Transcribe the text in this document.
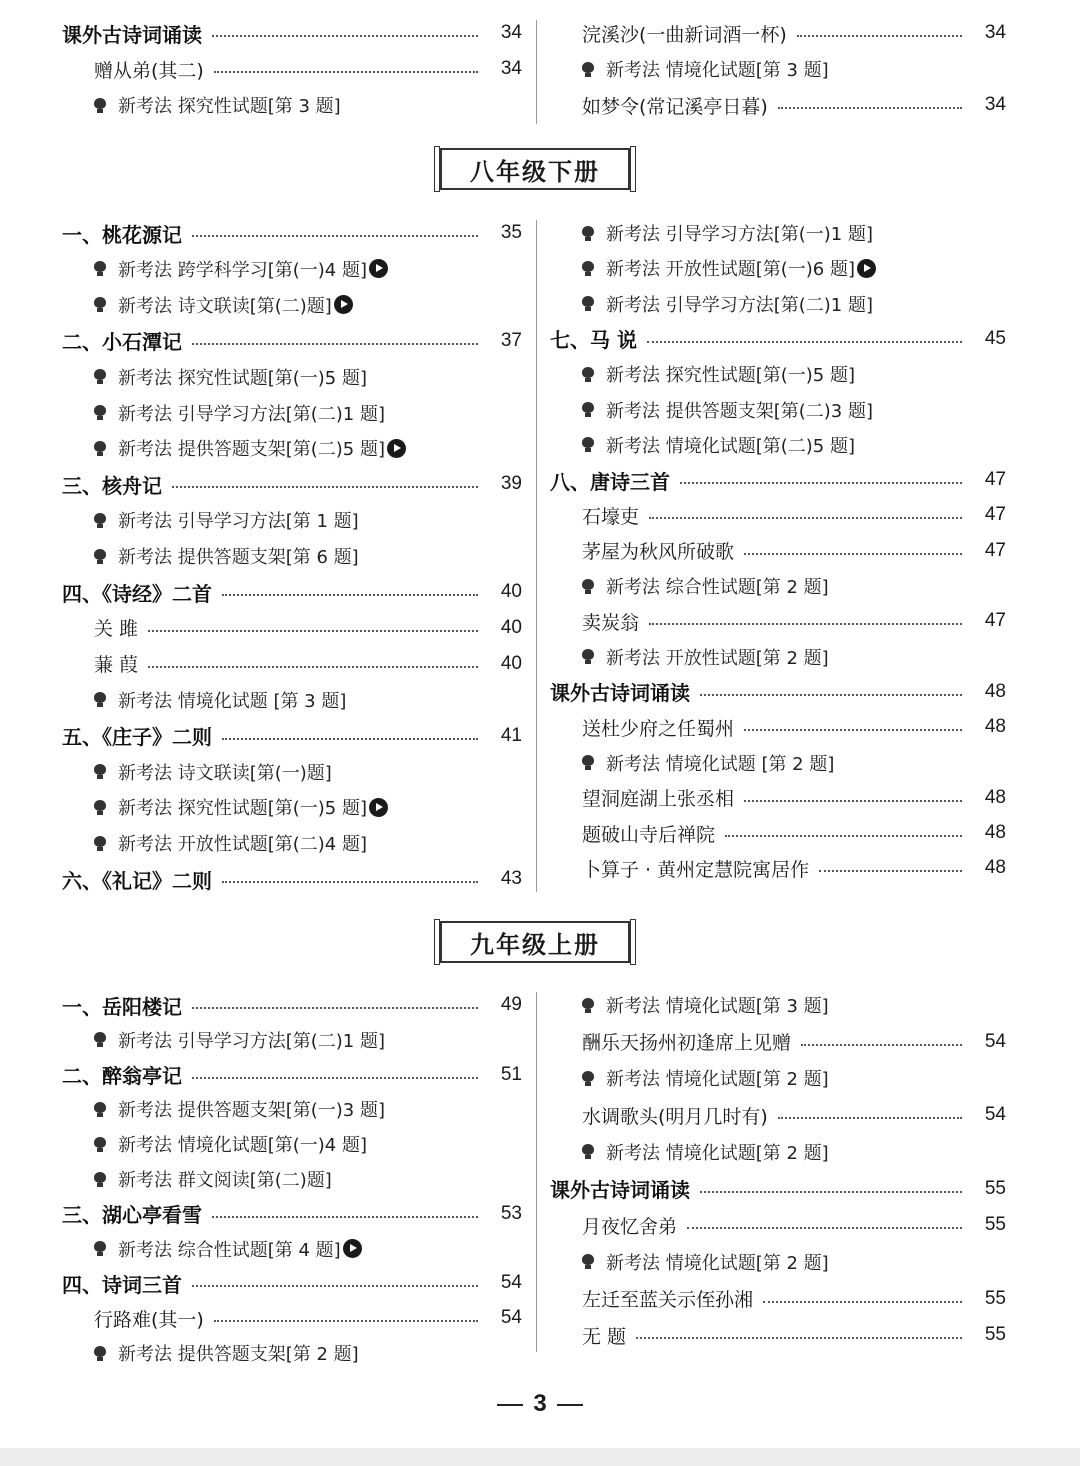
课外古诗词诵读	34
赠从弟(其二)	34
新考法 探究性试题[第 3 题]
浣溪沙(一曲新词酒一杯)	34
新考法 情境化试题[第 3 题]
如梦令(常记溪亭日暮)	34
八年级下册
一、桃花源记	35
新考法 跨学科学习[第(一)4 题]
新考法 诗文联读[第(二)题]
二、小石潭记	37
新考法 探究性试题[第(一)5 题]
新考法 引导学习方法[第(二)1 题]
新考法 提供答题支架[第(二)5 题]
三、核舟记	39
新考法 引导学习方法[第 1 题]
新考法 提供答题支架[第 6 题]
四、《诗经》二首	40
关 雎	40
蒹 葭	40
新考法 情境化试题 [第 3 题]
五、《庄子》二则	41
新考法 诗文联读[第(一)题]
新考法 探究性试题[第(一)5 题]
新考法 开放性试题[第(二)4 题]
六、《礼记》二则	43
新考法 引导学习方法[第(一)1 题]
新考法 开放性试题[第(一)6 题]
新考法 引导学习方法[第(二)1 题]
七、马 说	45
新考法 探究性试题[第(一)5 题]
新考法 提供答题支架[第(二)3 题]
新考法 情境化试题[第(二)5 题]
八、唐诗三首	47
石壕吏	47
茅屋为秋风所破歌	47
新考法 综合性试题[第 2 题]
卖炭翁	47
新考法 开放性试题[第 2 题]
课外古诗词诵读	48
送杜少府之任蜀州	48
新考法 情境化试题 [第 2 题]
望洞庭湖上张丞相	48
题破山寺后禅院	48
卜算子 · 黄州定慧院寓居作	48
九年级上册
一、岳阳楼记	49
新考法 引导学习方法[第(二)1 题]
二、醉翁亭记	51
新考法 提供答题支架[第(一)3 题]
新考法 情境化试题[第(一)4 题]
新考法 群文阅读[第(二)题]
三、湖心亭看雪	53
新考法 综合性试题[第 4 题]
四、诗词三首	54
行路难(其一)	54
新考法 提供答题支架[第 2 题]
新考法 情境化试题[第 3 题]
酬乐天扬州初逢席上见赠	54
新考法 情境化试题[第 2 题]
水调歌头(明月几时有)	54
新考法 情境化试题[第 2 题]
课外古诗词诵读	55
月夜忆舍弟	55
新考法 情境化试题[第 2 题]
左迁至蓝关示侄孙湘	55
无 题	55
3
